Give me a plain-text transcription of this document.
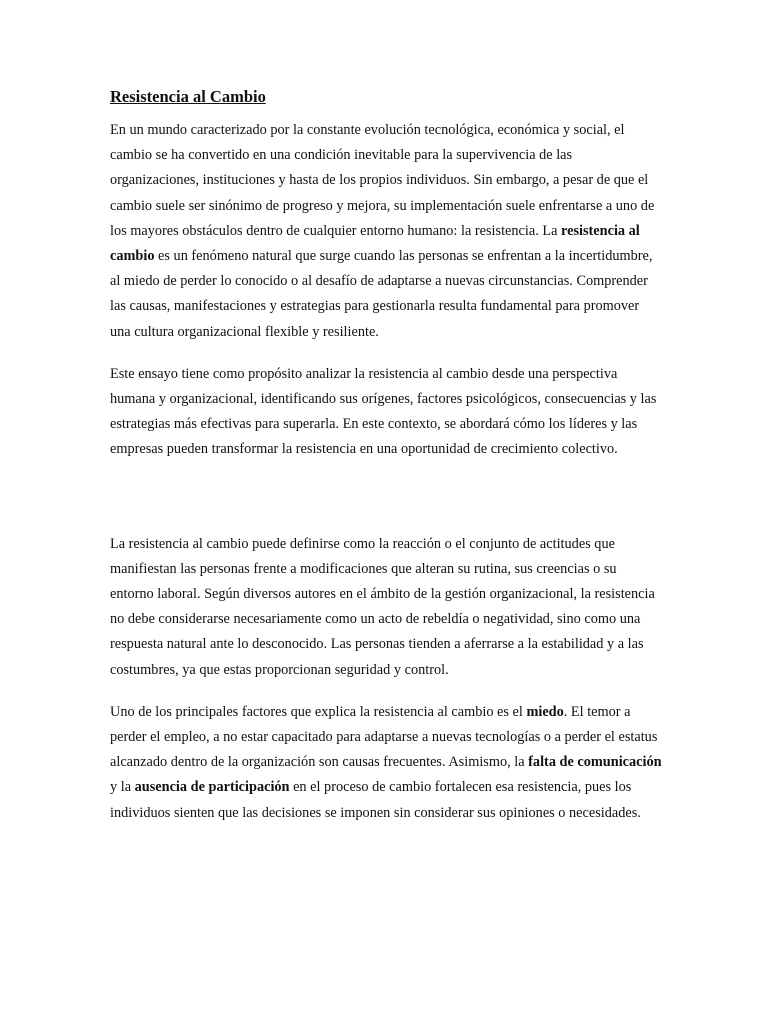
Resistencia al Cambio

En un mundo caracterizado por la constante evolución tecnológica, económica y social, el cambio se ha convertido en una condición inevitable para la supervivencia de las organizaciones, instituciones y hasta de los propios individuos. Sin embargo, a pesar de que el cambio suele ser sinónimo de progreso y mejora, su implementación suele enfrentarse a uno de los mayores obstáculos dentro de cualquier entorno humano: la resistencia. La resistencia al cambio es un fenómeno natural que surge cuando las personas se enfrentan a la incertidumbre, al miedo de perder lo conocido o al desafío de adaptarse a nuevas circunstancias. Comprender las causas, manifestaciones y estrategias para gestionarla resulta fundamental para promover una cultura organizacional flexible y resiliente.

Este ensayo tiene como propósito analizar la resistencia al cambio desde una perspectiva humana y organizacional, identificando sus orígenes, factores psicológicos, consecuencias y las estrategias más efectivas para superarla. En este contexto, se abordará cómo los líderes y las empresas pueden transformar la resistencia en una oportunidad de crecimiento colectivo.

La resistencia al cambio puede definirse como la reacción o el conjunto de actitudes que manifiestan las personas frente a modificaciones que alteran su rutina, sus creencias o su entorno laboral. Según diversos autores en el ámbito de la gestión organizacional, la resistencia no debe considerarse necesariamente como un acto de rebeldía o negatividad, sino como una respuesta natural ante lo desconocido. Las personas tienden a aferrarse a la estabilidad y a las costumbres, ya que estas proporcionan seguridad y control.

Uno de los principales factores que explica la resistencia al cambio es el miedo. El temor a perder el empleo, a no estar capacitado para adaptarse a nuevas tecnologías o a perder el estatus alcanzado dentro de la organización son causas frecuentes. Asimismo, la falta de comunicación y la ausencia de participación en el proceso de cambio fortalecen esa resistencia, pues los individuos sienten que las decisiones se imponen sin considerar sus opiniones o necesidades.
